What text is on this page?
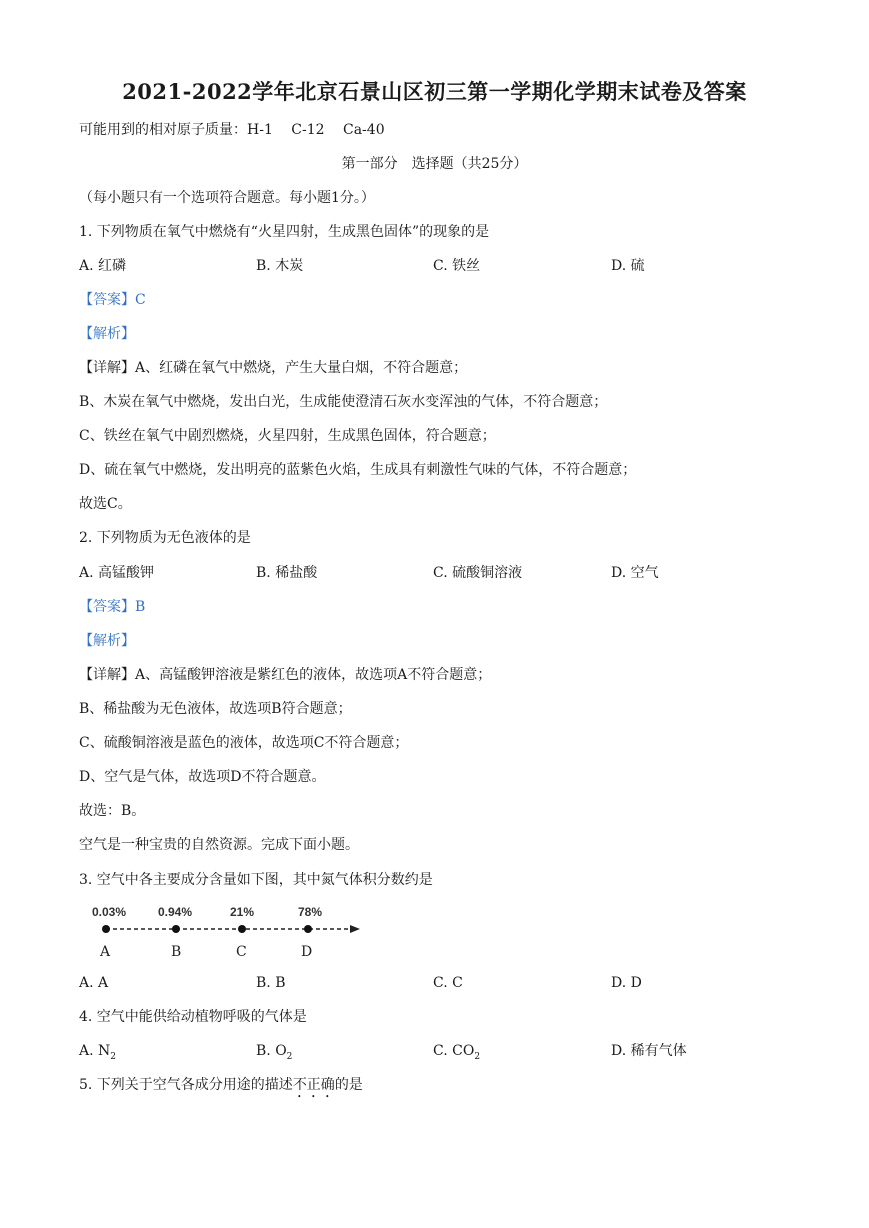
2021-2022学年北京石景山区初三第一学期化学期末试卷及答案
可能用到的相对原子质量：H-1　 C-12　 Ca-40
第一部分　选择题（共25分）
（每小题只有一个选项符合题意。每小题1分。）
1. 下列物质在氧气中燃烧有“火星四射，生成黑色固体”的现象的是
A. 红磷	B. 木炭	C. 铁丝	D. 硫
【答案】C
【解析】
【详解】A、红磷在氧气中燃烧，产生大量白烟，不符合题意；
B、木炭在氧气中燃烧，发出白光，生成能使澄清石灰水变浑浊的气体，不符合题意；
C、铁丝在氧气中剧烈燃烧，火星四射，生成黑色固体，符合题意；
D、硫在氧气中燃烧，发出明亮的蓝紫色火焰，生成具有刺激性气味的气体，不符合题意；
故选C。
2. 下列物质为无色液体的是
A. 高锰酸钾	B. 稀盐酸	C. 硫酸铜溶液	D. 空气
【答案】B
【解析】
【详解】A、高锰酸钾溶液是紫红色的液体，故选项A不符合题意；
B、稀盐酸为无色液体，故选项B符合题意；
C、硫酸铜溶液是蓝色的液体，故选项C不符合题意；
D、空气是气体，故选项D不符合题意。
故选：B。
空气是一种宝贵的自然资源。完成下面小题。
3. 空气中各主要成分含量如下图，其中氮气体积分数约是
0.03%	0.94%	21%	78%
A	B	C	D
A. A	B. B	C. C	D. D
4. 空气中能供给动植物呼吸的气体是
A. $N_2$	B. $O_2$	C. $CO_2$	D. 稀有气体
5. 下列关于空气各成分用途的描述不正确的是
